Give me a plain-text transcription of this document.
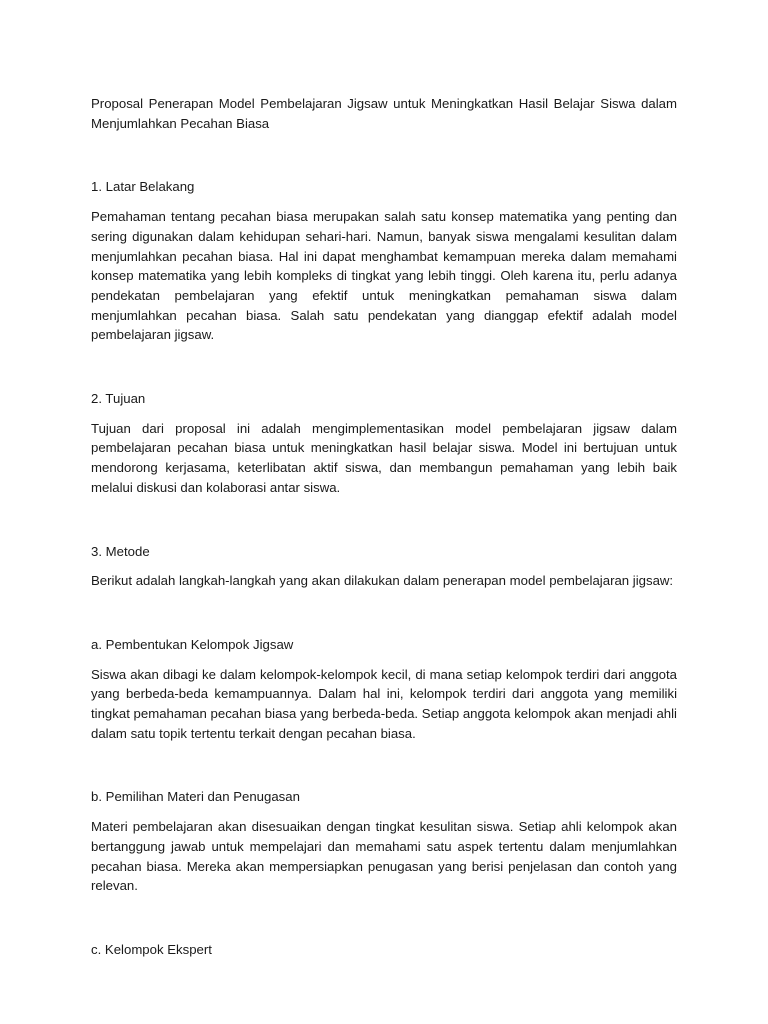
Proposal Penerapan Model Pembelajaran Jigsaw untuk Meningkatkan Hasil Belajar Siswa dalam Menjumlahkan Pecahan Biasa

1. Latar Belakang

Pemahaman tentang pecahan biasa merupakan salah satu konsep matematika yang penting dan sering digunakan dalam kehidupan sehari-hari. Namun, banyak siswa mengalami kesulitan dalam menjumlahkan pecahan biasa. Hal ini dapat menghambat kemampuan mereka dalam memahami konsep matematika yang lebih kompleks di tingkat yang lebih tinggi. Oleh karena itu, perlu adanya pendekatan pembelajaran yang efektif untuk meningkatkan pemahaman siswa dalam menjumlahkan pecahan biasa. Salah satu pendekatan yang dianggap efektif adalah model pembelajaran jigsaw.

2. Tujuan

Tujuan dari proposal ini adalah mengimplementasikan model pembelajaran jigsaw dalam pembelajaran pecahan biasa untuk meningkatkan hasil belajar siswa. Model ini bertujuan untuk mendorong kerjasama, keterlibatan aktif siswa, dan membangun pemahaman yang lebih baik melalui diskusi dan kolaborasi antar siswa.

3. Metode

Berikut adalah langkah-langkah yang akan dilakukan dalam penerapan model pembelajaran jigsaw:

a. Pembentukan Kelompok Jigsaw

Siswa akan dibagi ke dalam kelompok-kelompok kecil, di mana setiap kelompok terdiri dari anggota yang berbeda-beda kemampuannya. Dalam hal ini, kelompok terdiri dari anggota yang memiliki tingkat pemahaman pecahan biasa yang berbeda-beda. Setiap anggota kelompok akan menjadi ahli dalam satu topik tertentu terkait dengan pecahan biasa.

b. Pemilihan Materi dan Penugasan

Materi pembelajaran akan disesuaikan dengan tingkat kesulitan siswa. Setiap ahli kelompok akan bertanggung jawab untuk mempelajari dan memahami satu aspek tertentu dalam menjumlahkan pecahan biasa. Mereka akan mempersiapkan penugasan yang berisi penjelasan dan contoh yang relevan.

c. Kelompok Ekspert
